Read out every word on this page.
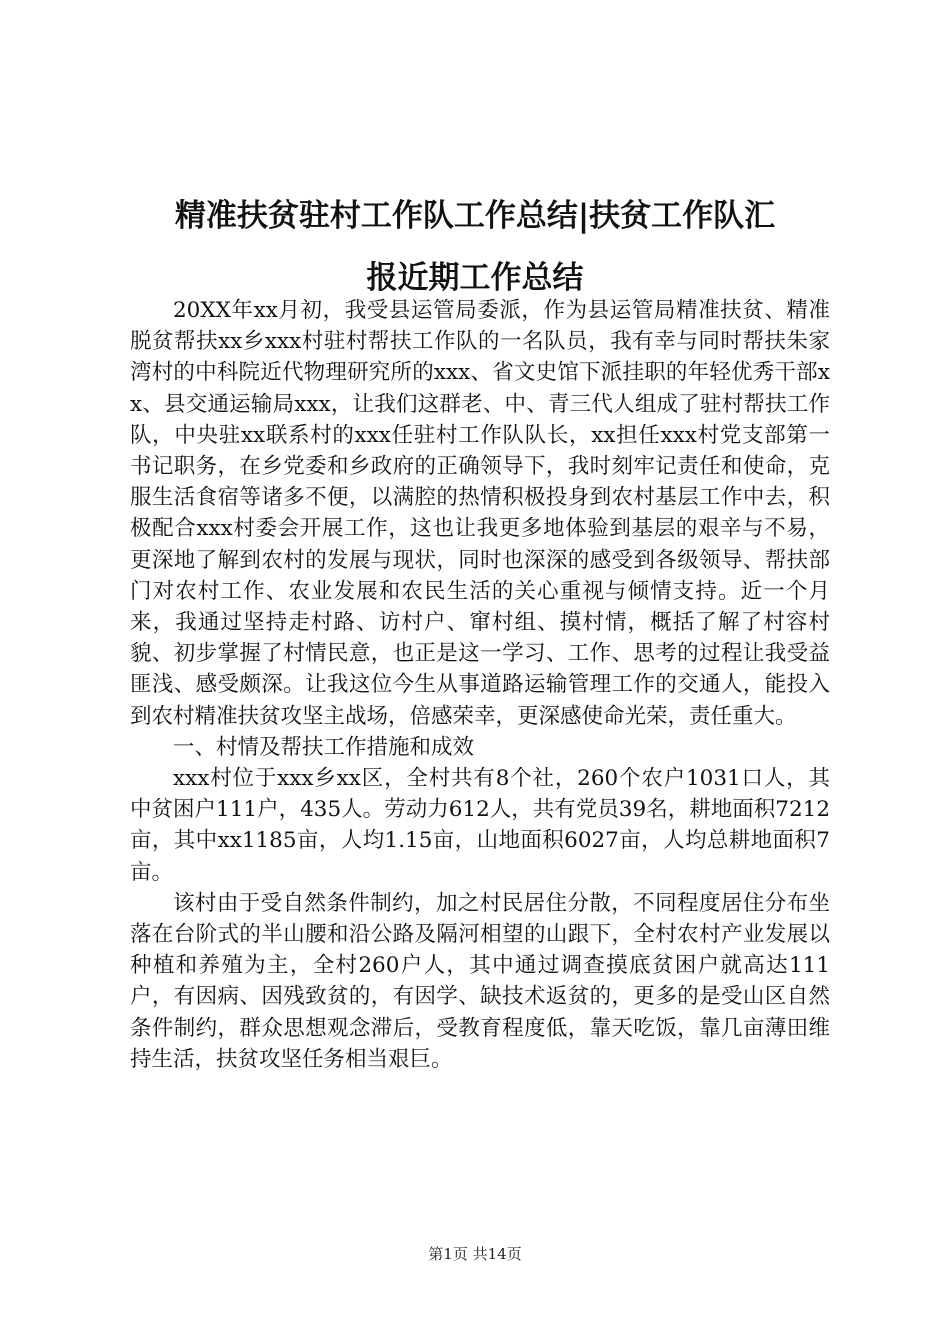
精准扶贫驻村工作队工作总结|扶贫工作队汇
报近期工作总结

20XX年xx月初，我受县运管局委派，作为县运管局精准扶贫、精准脱贫帮扶xx乡xxx村驻村帮扶工作队的一名队员，我有幸与同时帮扶朱家湾村的中科院近代物理研究所的xxx、省文史馆下派挂职的年轻优秀干部xx、县交通运输局xxx，让我们这群老、中、青三代人组成了驻村帮扶工作队，中央驻xx联系村的xxx任驻村工作队队长，xx担任xxx村党支部第一书记职务，在乡党委和乡政府的正确领导下，我时刻牢记责任和使命，克服生活食宿等诸多不便，以满腔的热情积极投身到农村基层工作中去，积极配合xxx村委会开展工作，这也让我更多地体验到基层的艰辛与不易，更深地了解到农村的发展与现状，同时也深深的感受到各级领导、帮扶部门对农村工作、农业发展和农民生活的关心重视与倾情支持。近一个月来，我通过坚持走村路、访村户、窜村组、摸村情，概括了解了村容村貌、初步掌握了村情民意，也正是这一学习、工作、思考的过程让我受益匪浅、感受颇深。让我这位今生从事道路运输管理工作的交通人，能投入到农村精准扶贫攻坚主战场，倍感荣幸，更深感使命光荣，责任重大。

一、村情及帮扶工作措施和成效

xxx村位于xxx乡xx区，全村共有8个社，260个农户1031口人，其中贫困户111户，435人。劳动力612人，共有党员39名，耕地面积7212亩，其中xx1185亩，人均1.15亩，山地面积6027亩，人均总耕地面积7亩。

该村由于受自然条件制约，加之村民居住分散，不同程度居住分布坐落在台阶式的半山腰和沿公路及隔河相望的山跟下，全村农村产业发展以种植和养殖为主，全村260户人，其中通过调查摸底贫困户就高达111户，有因病、因残致贫的，有因学、缺技术返贫的，更多的是受山区自然条件制约，群众思想观念滞后，受教育程度低，靠天吃饭，靠几亩薄田维持生活，扶贫攻坚任务相当艰巨。

第1页 共14页
